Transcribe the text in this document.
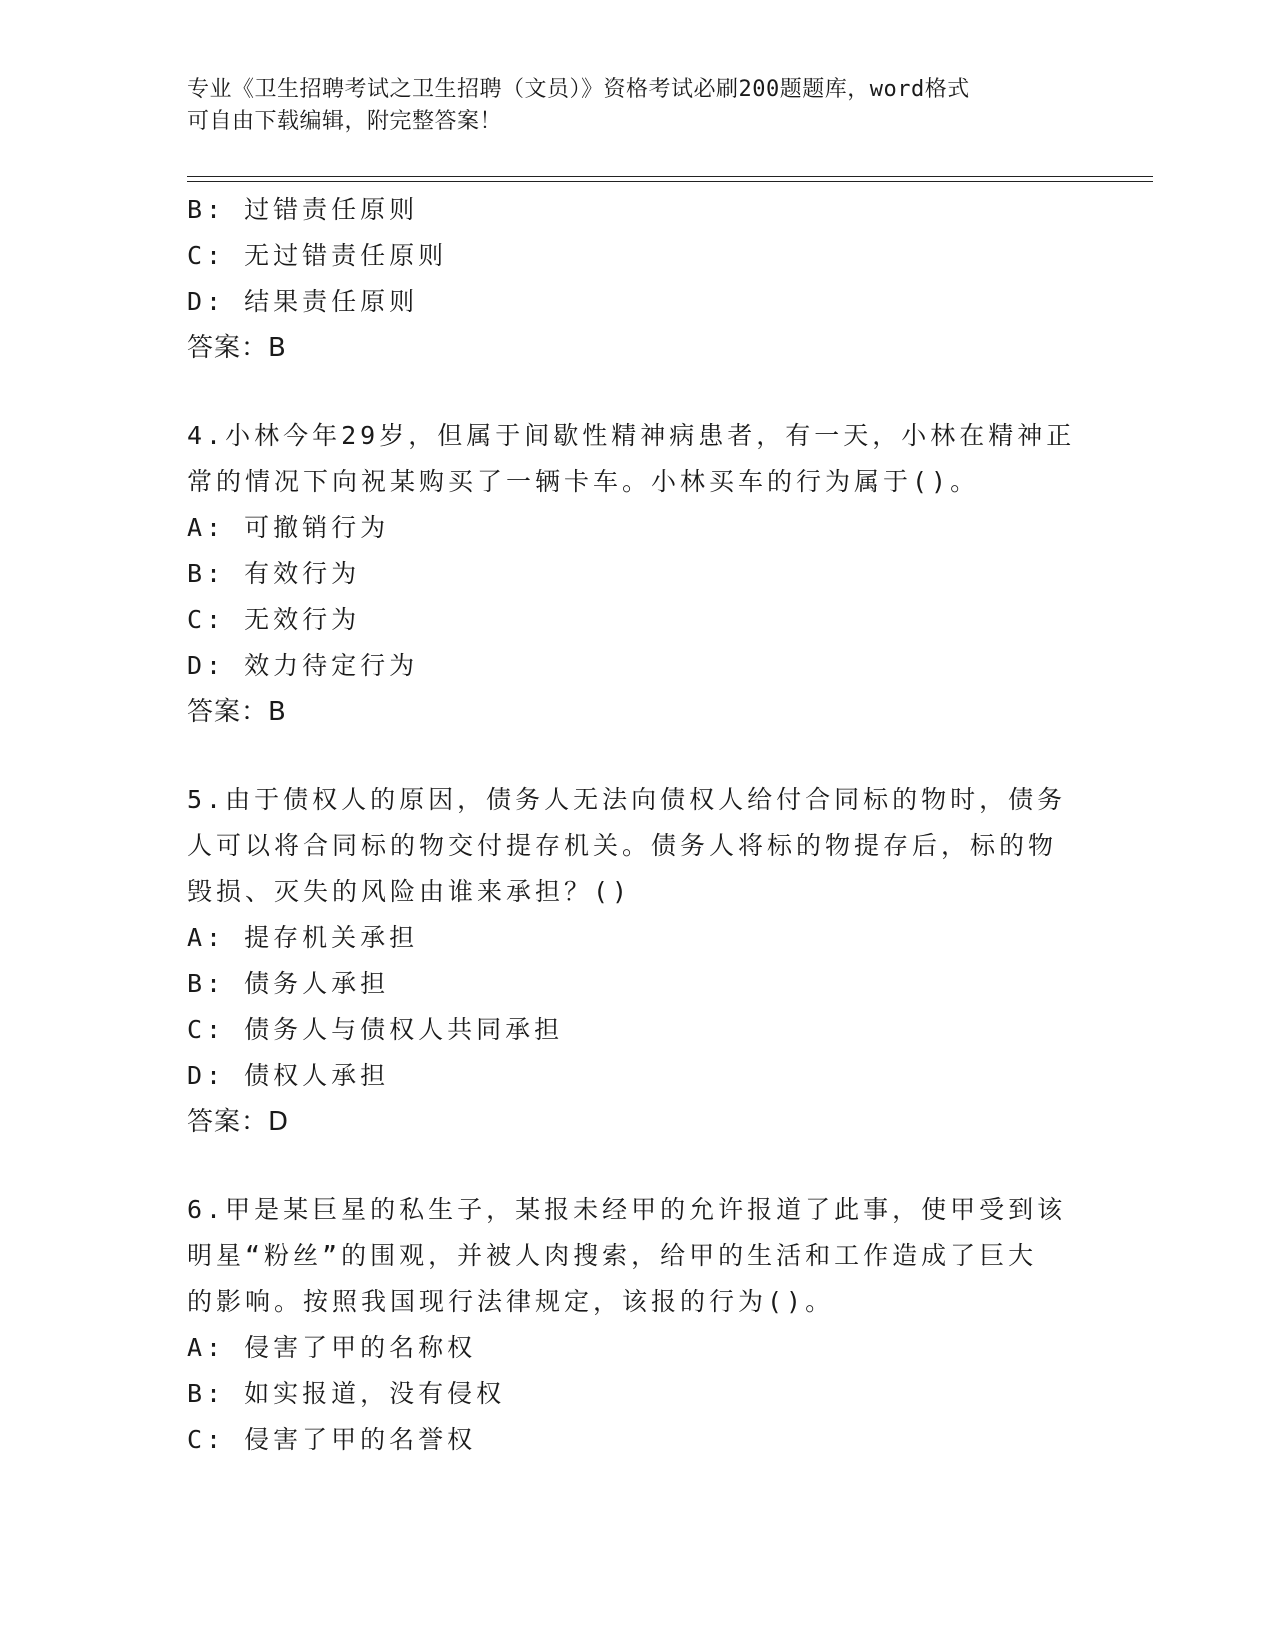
专业《卫生招聘考试之卫生招聘（文员）》资格考试必刷200题题库，word格式
可自由下载编辑，附完整答案！
B: 过错责任原则
C: 无过错责任原则
D: 结果责任原则
答案：B
4.小林今年29岁，但属于间歇性精神病患者，有一天，小林在精神正
常的情况下向祝某购买了一辆卡车。小林买车的行为属于()。
A: 可撤销行为
B: 有效行为
C: 无效行为
D: 效力待定行为
答案：B
5.由于债权人的原因，债务人无法向债权人给付合同标的物时，债务
人可以将合同标的物交付提存机关。债务人将标的物提存后，标的物
毁损、灭失的风险由谁来承担？()
A: 提存机关承担
B: 债务人承担
C: 债务人与债权人共同承担
D: 债权人承担
答案：D
6.甲是某巨星的私生子，某报未经甲的允许报道了此事，使甲受到该
明星“粉丝”的围观，并被人肉搜索，给甲的生活和工作造成了巨大
的影响。按照我国现行法律规定，该报的行为()。
A: 侵害了甲的名称权
B: 如实报道，没有侵权
C: 侵害了甲的名誉权
